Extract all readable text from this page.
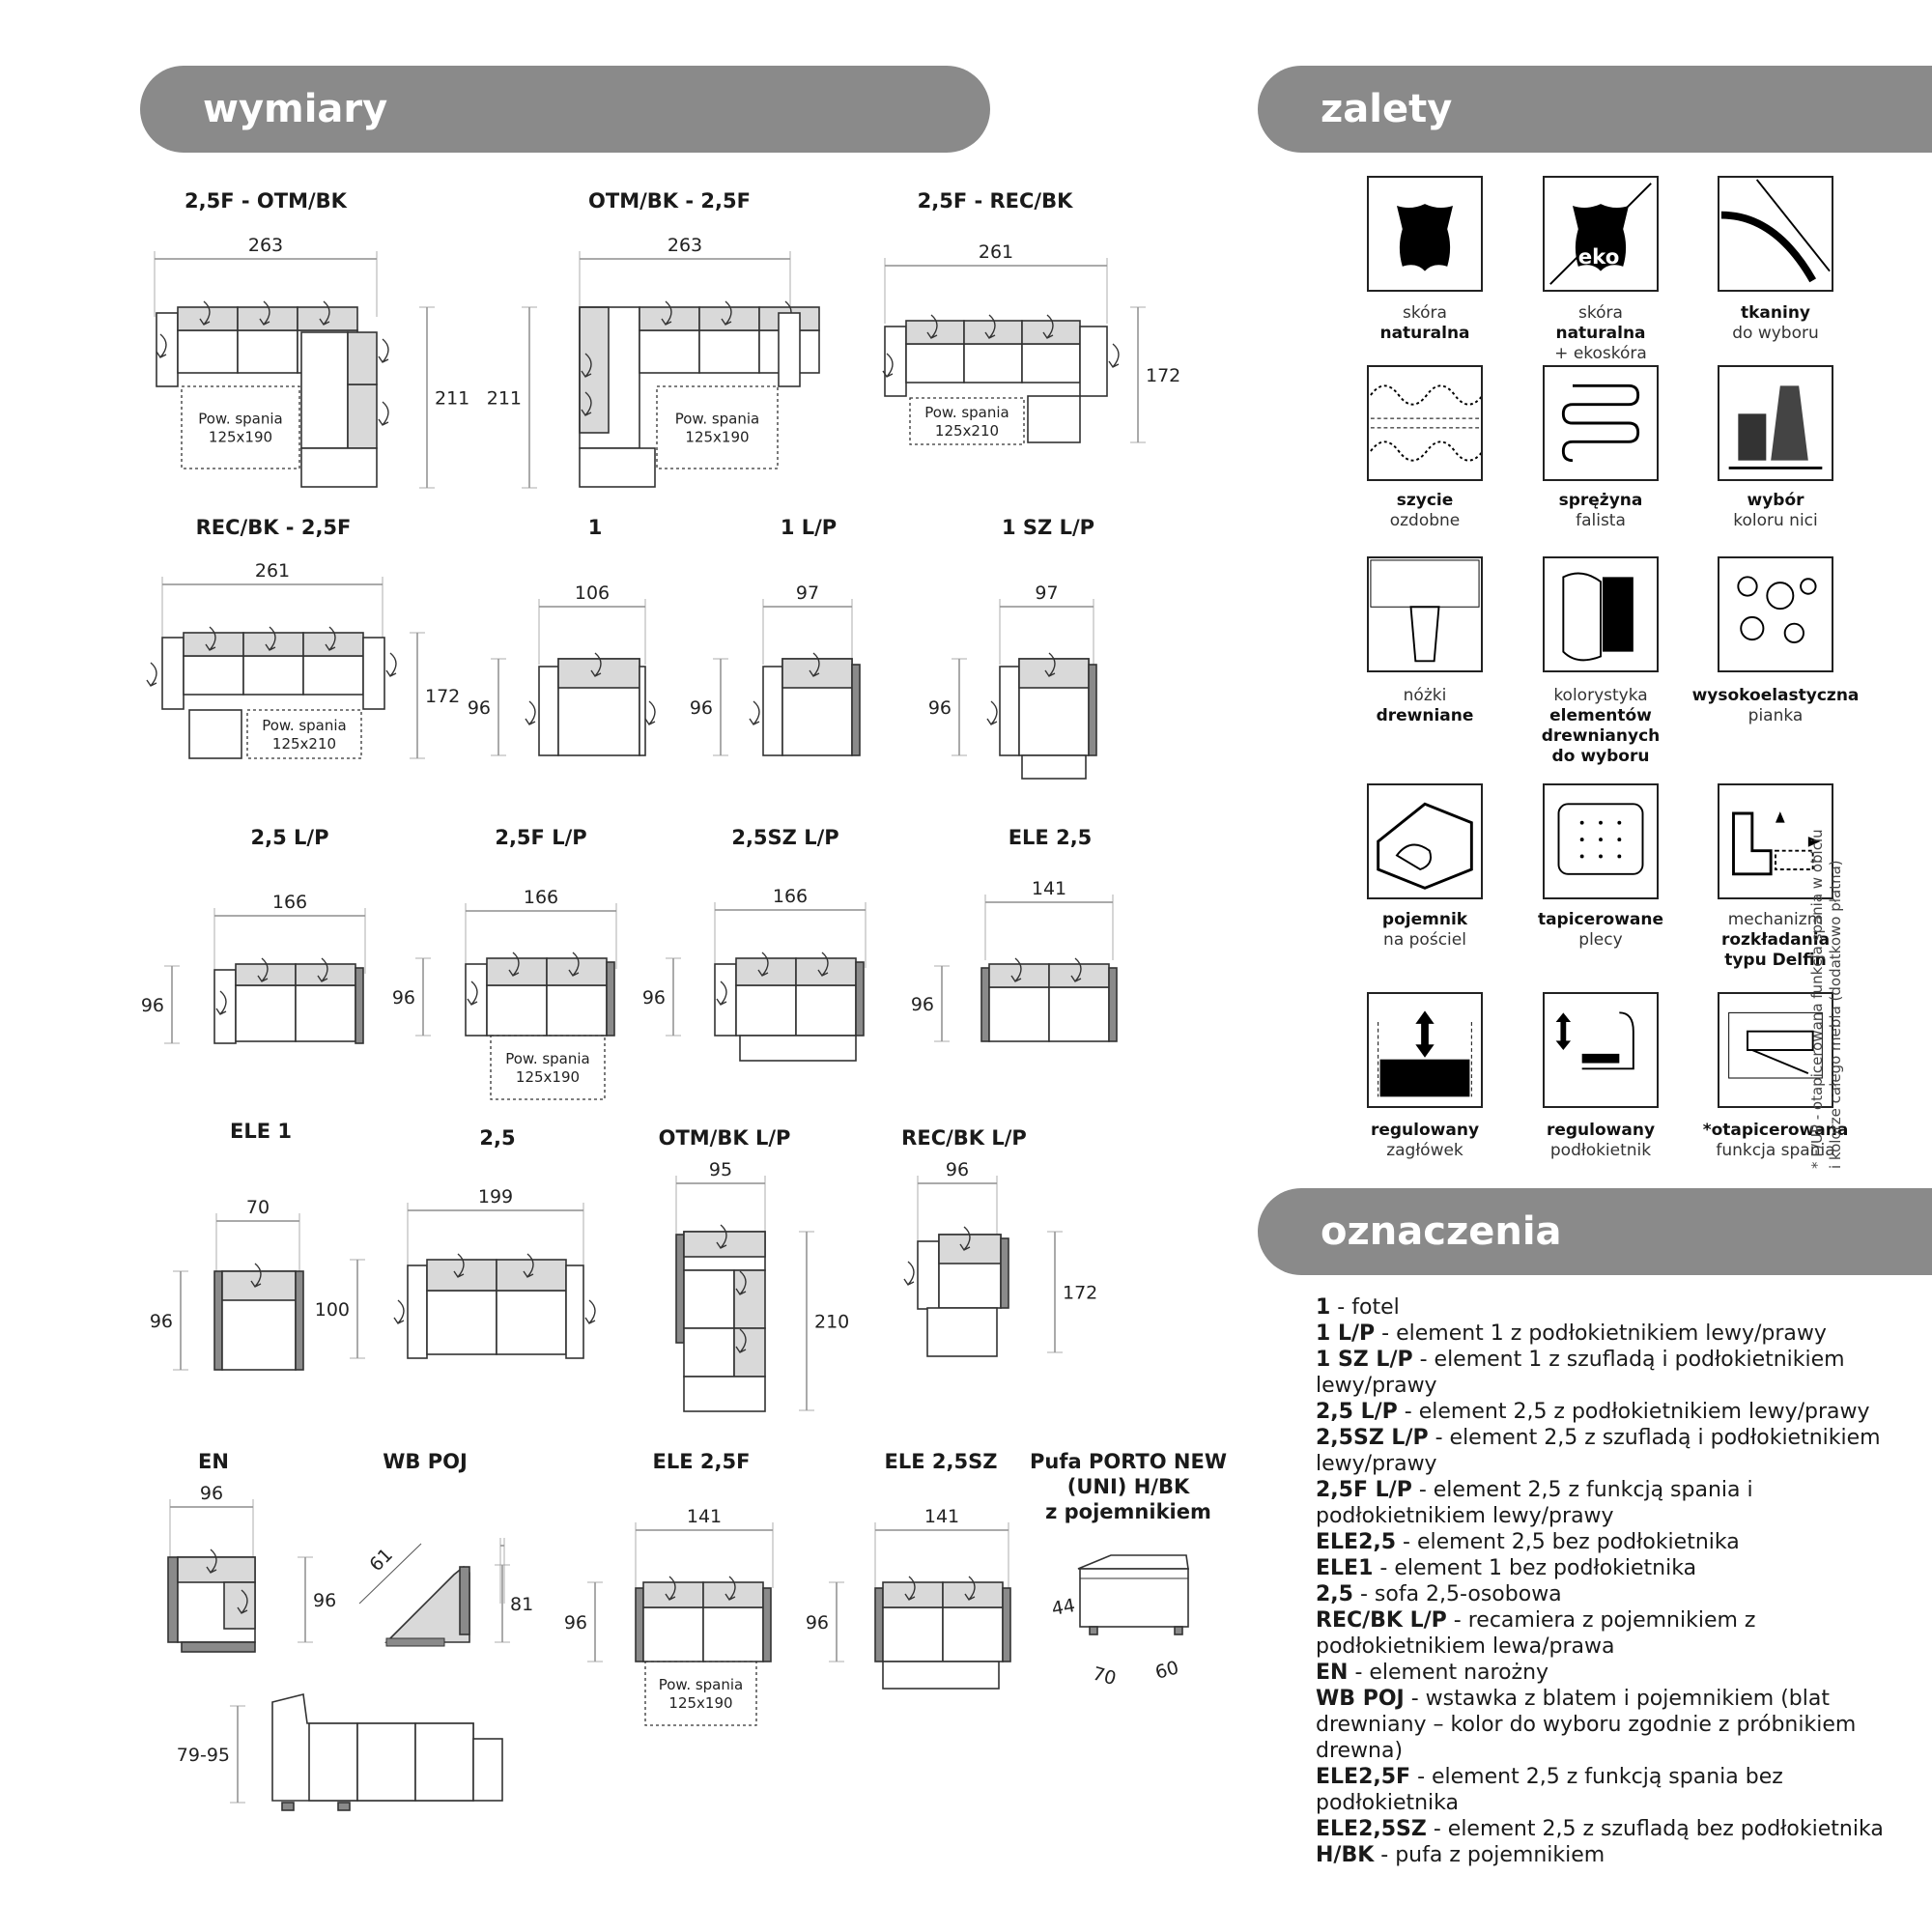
wymiary	zalety
oznaczenia
2,5F - OTM/BK	OTM/BK - 2,5F	2,5F - REC/BK
REC/BK - 2,5F	1	1 L/P	1 SZ L/P
2,5 L/P	2,5F L/P	2,5SZ L/P	ELE 2,5
ELE 1	2,5	OTM/BK L/P	REC/BK L/P
EN	WB POJ	ELE 2,5F	ELE 2,5SZ Pufa PORTO NEW
(UNI) H/BK
z pojemnikiem
263
211
Pow. spania
125x190
263
211
Pow. spania
125x190
261
172
Pow. spania
125x210
261
172
Pow. spania
125x210
106
96
97
96
97
96
166
96
166
96
Pow. spania
125x190
166
96
141
96
70
96
199
100
95
210
96
172
96
96
61
81
141
96
Pow. spania
125x190
141
96
44
70 60
79-95
skóra
naturalna
eko
skóra
naturalna
+ ekoskóra
tkaniny
do wyboru
szycie
ozdobne
sprężyna
falista
wybór
koloru nici
nóżki
drewniane
kolorystyka
elementów
drewnianych
do wyboru
wysokoelastyczna
pianka
pojemnik
na pościel
tapicerowane
plecy
mechanizm
rozkładania
typu Delfin
regulowany
zagłówek
regulowany
podłokietnik
*otapicerowana
funkcja spania
* F/UP - otapicerowana funkcja spania w obiciu i kolorze całego mebla (dodatkowo płatna)
1 - fotel
1 L/P - element 1 z podłokietnikiem lewy/prawy
1 SZ L/P - element 1 z szufladą i podłokietnikiem lewy/prawy
2,5 L/P - element 2,5 z podłokietnikiem lewy/prawy
2,5SZ L/P - element 2,5 z szufladą i podłokietnikiem lewy/prawy
2,5F L/P - element 2,5 z funkcją spania i podłokietnikiem lewy/prawy
ELE2,5 - element 2,5 bez podłokietnika
ELE1 - element 1 bez podłokietnika
2,5 - sofa 2,5-osobowa
REC/BK L/P - recamiera z pojemnikiem z podłokietnikiem lewa/prawa
EN - element narożny
WB POJ - wstawka z blatem i pojemnikiem (blat drewniany – kolor do wyboru zgodnie z próbnikiem drewna)
ELE2,5F - element 2,5 z funkcją spania bez podłokietnika
ELE2,5SZ - element 2,5 z szufladą bez podłokietnika
H/BK - pufa z pojemnikiem
